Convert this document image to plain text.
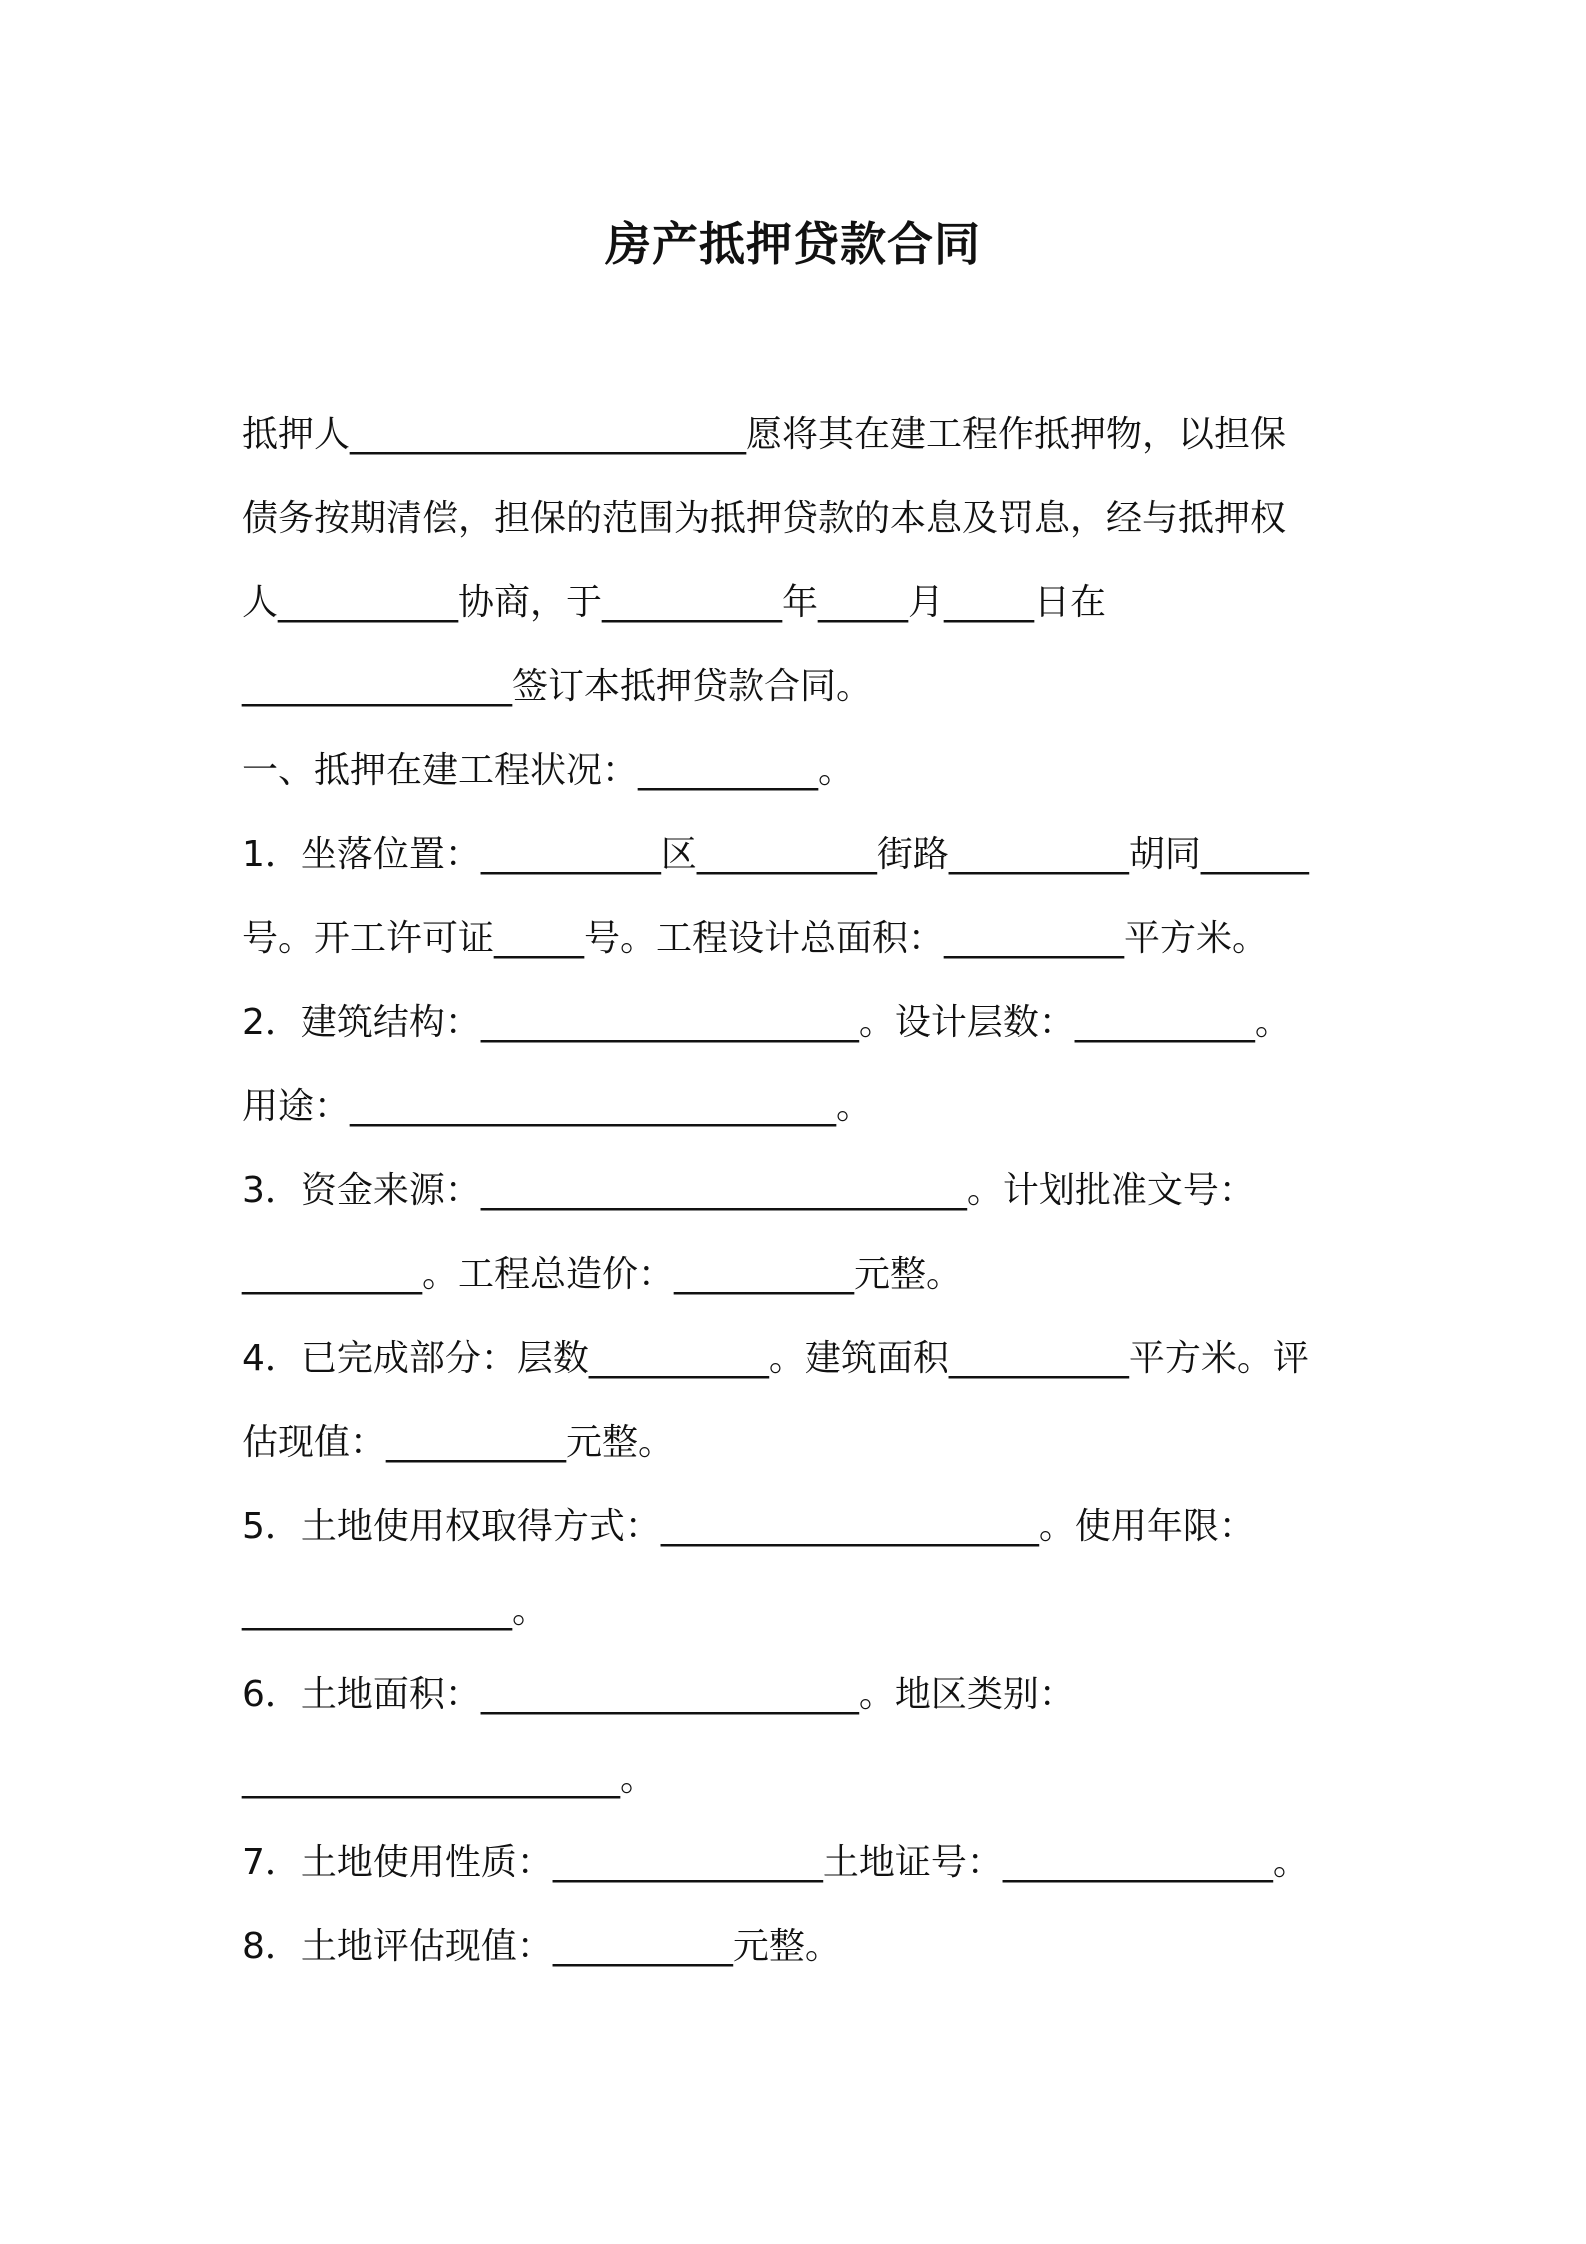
房产抵押贷款合同

抵押人______________________愿将其在建工程作抵押物，以担保

债务按期清偿，担保的范围为抵押贷款的本息及罚息，经与抵押权

人__________协商，于__________年_____月_____日在

_______________签订本抵押贷款合同。

一、抵押在建工程状况：__________。

1．坐落位置：__________区__________街路__________胡同______

号。开工许可证_____号。工程设计总面积：__________平方米。

2．建筑结构：_____________________。设计层数：__________。

用途：___________________________。

3．资金来源：___________________________。计划批准文号：

__________。工程总造价：__________元整。

4．已完成部分：层数__________。建筑面积__________平方米。评

估现值：__________元整。

5．土地使用权取得方式：_____________________。使用年限：

_______________。

6．土地面积：_____________________。地区类别：

_____________________。

7．土地使用性质：_______________土地证号：_______________。

8．土地评估现值：__________元整。
